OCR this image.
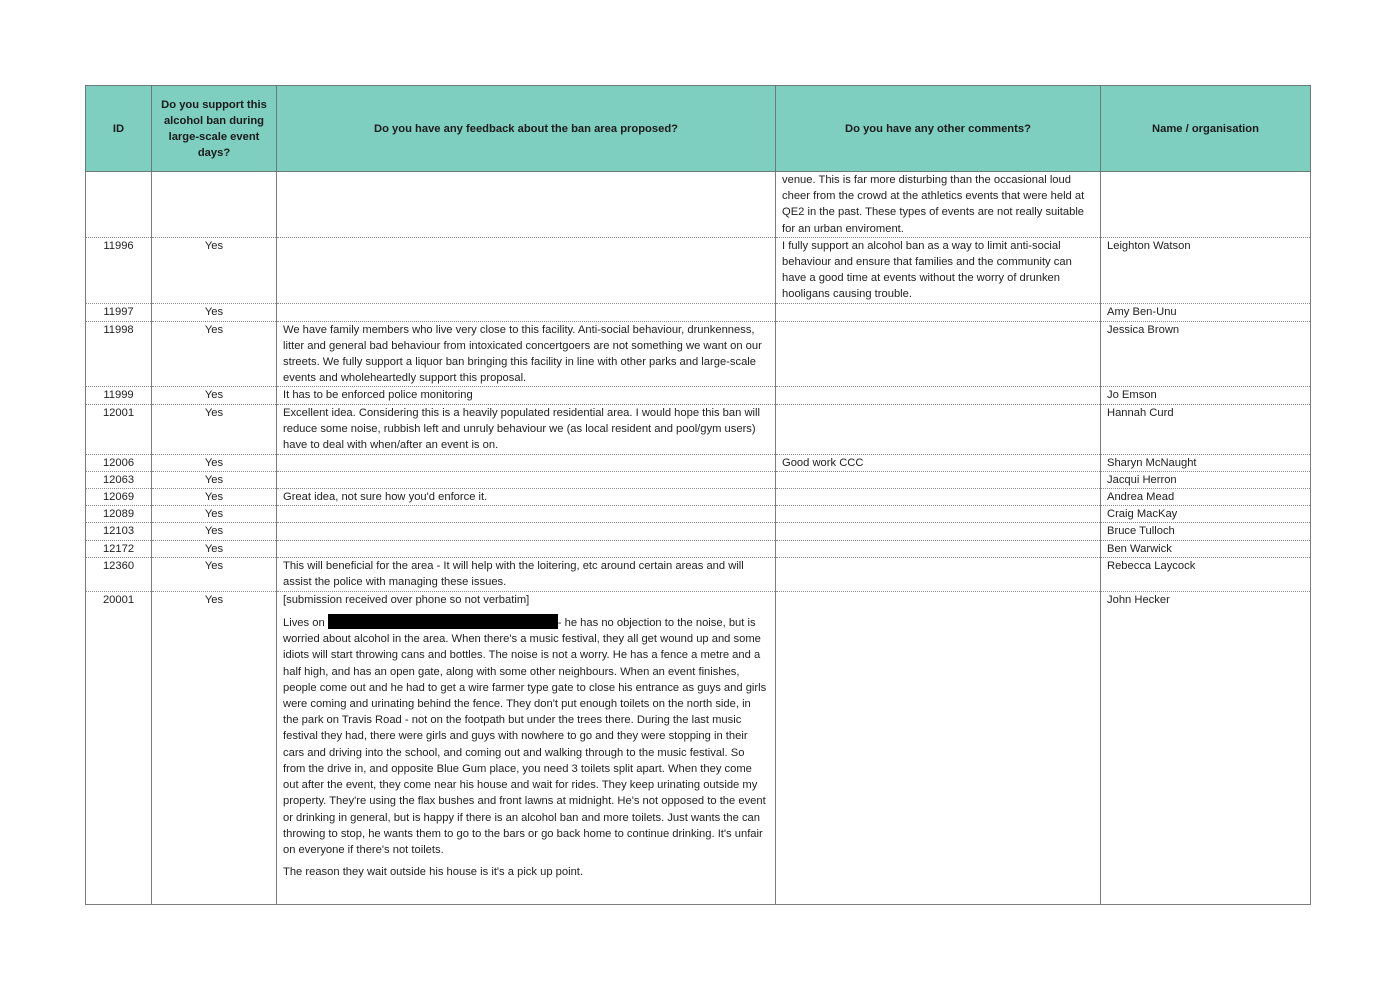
ID	Do you support this alcohol ban during large-scale event days?	Do you have any feedback about the ban area proposed?	Do you have any other comments?	Name / organisation
			venue. This is far more disturbing than the occasional loud cheer from the crowd at the athletics events that were held at QE2 in the past. These types of events are not really suitable for an urban enviroment.	
11996	Yes		I fully support an alcohol ban as a way to limit anti-social behaviour and ensure that families and the community can have a good time at events without the worry of drunken hooligans causing trouble.	Leighton Watson
11997	Yes			Amy Ben-Unu
11998	Yes	We have family members who live very close to this facility. Anti-social behaviour, drunkenness, litter and general bad behaviour from intoxicated concertgoers are not something we want on our streets. We fully support a liquor ban bringing this facility in line with other parks and large-scale events and wholeheartedly support this proposal.		Jessica Brown
11999	Yes	It has to be enforced police monitoring		Jo Emson
12001	Yes	Excellent idea. Considering this is a heavily populated residential area. I would hope this ban will reduce some noise, rubbish left and unruly behaviour we (as local resident and pool/gym users) have to deal with when/after an event is on.		Hannah Curd
12006	Yes		Good work CCC	Sharyn McNaught
12063	Yes			Jacqui Herron
12069	Yes	Great idea, not sure how you'd enforce it.		Andrea Mead
12089	Yes			Craig MacKay
12103	Yes			Bruce Tulloch
12172	Yes			Ben Warwick
12360	Yes	This will beneficial for the area - It will help with the loitering, etc around certain areas and will assist the police with managing these issues.		Rebecca Laycock
20001	Yes	[submission received over phone so not verbatim]

Lives on - he has no objection to the noise, but is worried about alcohol in the area. When there's a music festival, they all get wound up and some idiots will start throwing cans and bottles. The noise is not a worry. He has a fence a metre and a half high, and has an open gate, along with some other neighbours. When an event finishes, people come out and he had to get a wire farmer type gate to close his entrance as guys and girls were coming and urinating behind the fence. They don't put enough toilets on the north side, in the park on Travis Road - not on the footpath but under the trees there. During the last music festival they had, there were girls and guys with nowhere to go and they were stopping in their cars and driving into the school, and coming out and walking through to the music festival. So from the drive in, and opposite Blue Gum place, you need 3 toilets split apart. When they come out after the event, they come near his house and wait for rides. They keep urinating outside my property. They're using the flax bushes and front lawns at midnight. He's not opposed to the event or drinking in general, but is happy if there is an alcohol ban and more toilets. Just wants the can throwing to stop, he wants them to go to the bars or go back home to continue drinking. It's unfair on everyone if there's not toilets.

The reason they wait outside his house is it's a pick up point.		John Hecker
